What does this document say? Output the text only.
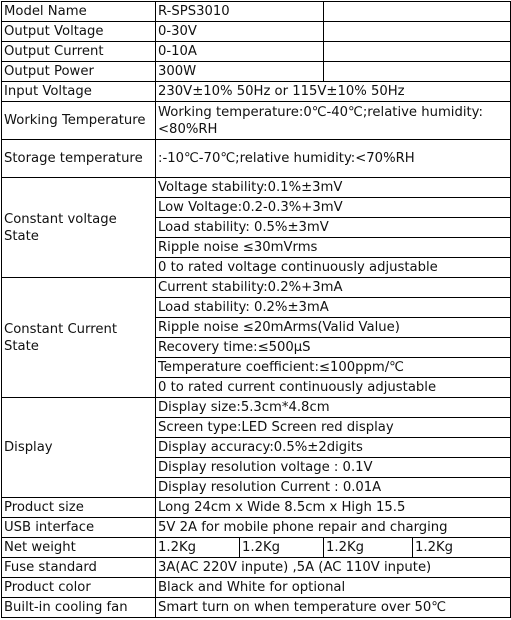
Model Name	R-SPS3010			
Output Voltage	0-30V			
Output Current	0-10A			
Output Power	300W			
Input Voltage	230V±10% 50Hz or 115V±10% 50Hz			
Working Temperature	Working temperature:0℃-40℃;relative humidity:<80%RH			
Storage temperature	:-10℃-70℃;relative humidity:<70%RH			
Constant voltage State	Voltage stability:0.1%±3mV			
	Low Voltage:0.2-0.3%+3mV			
	Load stability: 0.5%±3mV			
	Ripple noise ≤30mVrms			
	0 to rated voltage continuously adjustable			
Constant Current State	Current stability:0.2%+3mA			
	Load stability: 0.2%±3mA			
	Ripple noise ≤20mArms(Valid Value)			
	Recovery time:≤500μS			
	Temperature coefficient:≤100ppm/℃			
	0 to rated current continuously adjustable			
Display	Display size:5.3cm*4.8cm			
	Screen type:LED Screen red display			
	Display accuracy:0.5%±2digits			
	Display resolution voltage : 0.1V			
	Display resolution Current : 0.01A			
Product size	Long 24cm x Wide 8.5cm x High 15.5			
USB interface	5V 2A for mobile phone repair and charging			
Net weight	1.2Kg	1.2Kg	1.2Kg	1.2Kg
Fuse standard	3A(AC 220V inpute) ,5A (AC 110V inpute)			
Product color	Black and White for optional			
Built-in cooling fan	Smart turn on when temperature over 50℃			
